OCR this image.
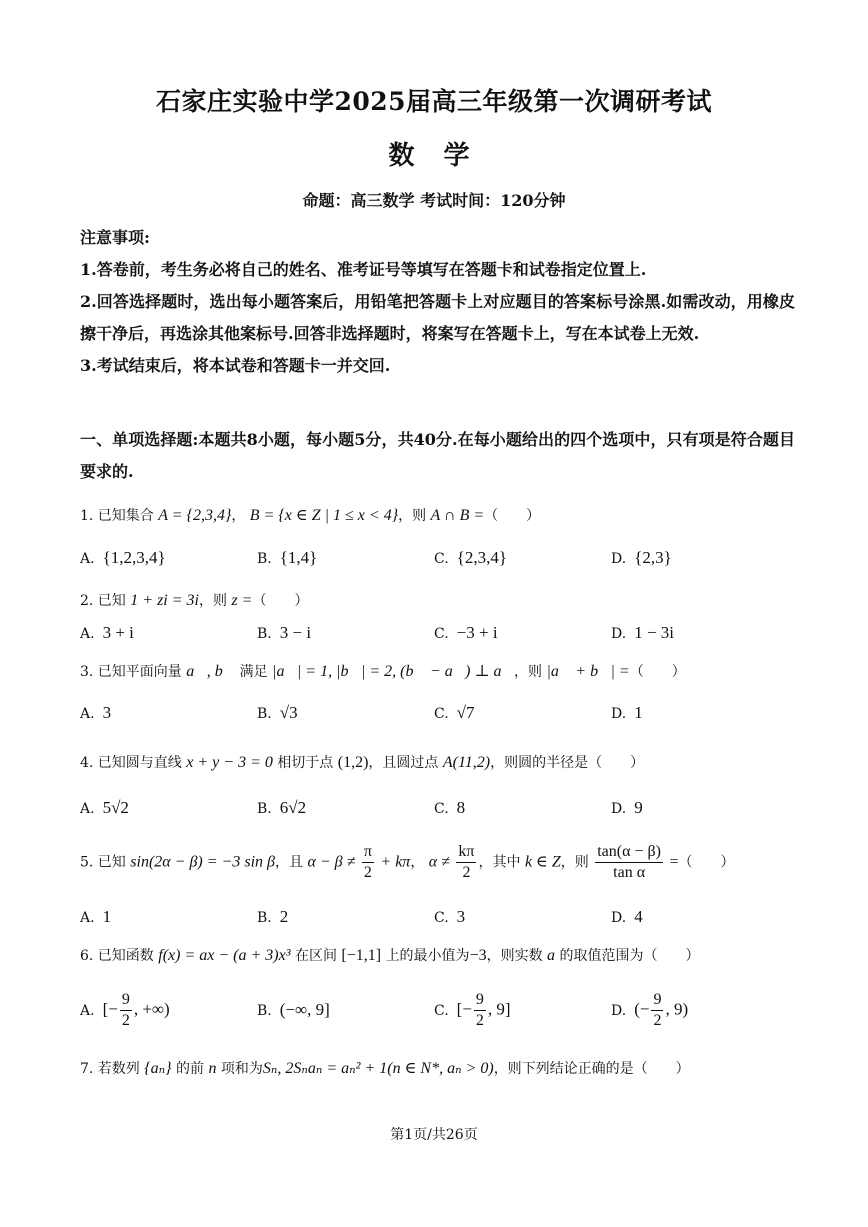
石家庄实验中学2025届高三年级第一次调研考试
数 学
命题：高三数学 考试时间：120分钟

注意事项:

1.答卷前，考生务必将自己的姓名、准考证号等填写在答题卡和试卷指定位置上.

2.回答选择题时，选出每小题答案后，用铅笔把答题卡上对应题目的答案标号涂黑.如需改动，用橡皮擦干净后，再选涂其他案标号.回答非选择题时，将案写在答题卡上，写在本试卷上无效.

3.考试结束后，将本试卷和答题卡一并交回.

一、单项选择题:本题共8小题，每小题5分，共40分.在每小题给出的四个选项中，只有项是符合题目要求的.
1. 已知集合 A = {2,3,4}， B = {x ∈ Z | 1 ≤ x < 4}，则 A ∩ B =（　　）
A. {1,2,3,4}	B. {1,4}	C. {2,3,4}	D. {2,3}
2. 已知 1 + zi = 3i，则 z =（　　）
A. 3 + i	B. 3 − i	C. −3 + i	D. 1 − 3i
3. 已知平面向量 a⃗, b⃗ 满足 |a⃗| = 1, |b⃗| = 2, (b⃗ − a⃗) ⊥ a⃗，则 |a⃗ + b⃗| =（　　）
A. 3	B. √3	C. √7	D. 1
4. 已知圆与直线 x + y − 3 = 0 相切于点 (1,2)，且圆过点 A(11,2)，则圆的半径是（　　）
A. 5√2	B. 6√2	C. 8	D. 9
5. 已知 sin(2α − β) = −3 sin β，且 $\alpha - \beta \ne \frac{\pi}{2} + k\pi$， $\alpha \ne \frac{k\pi}{2}$ ，其中 k ∈ Z，则 $\frac{\tan(\alpha - \beta)}{\text{tan α}}$ =（　　）
A. 1	B. 2	C. 3	D. 4
6. 已知函数 f(x) = ax − (a + 3)x³ 在区间 [−1,1] 上的最小值为−3，则实数 a 的取值范围为（　　）
A. [− $\frac{9}{2}$ , +∞)	B. (−∞, 9]	C. [− $\frac{9}{2}$ , 9]	D. (− $\frac{9}{2}$ , 9)
7. 若数列 {aₙ} 的前 n 项和为Sₙ, 2Sₙaₙ = aₙ² + 1(n ∈ N*, aₙ > 0)，则下列结论正确的是（　　）
第1页/共26页
